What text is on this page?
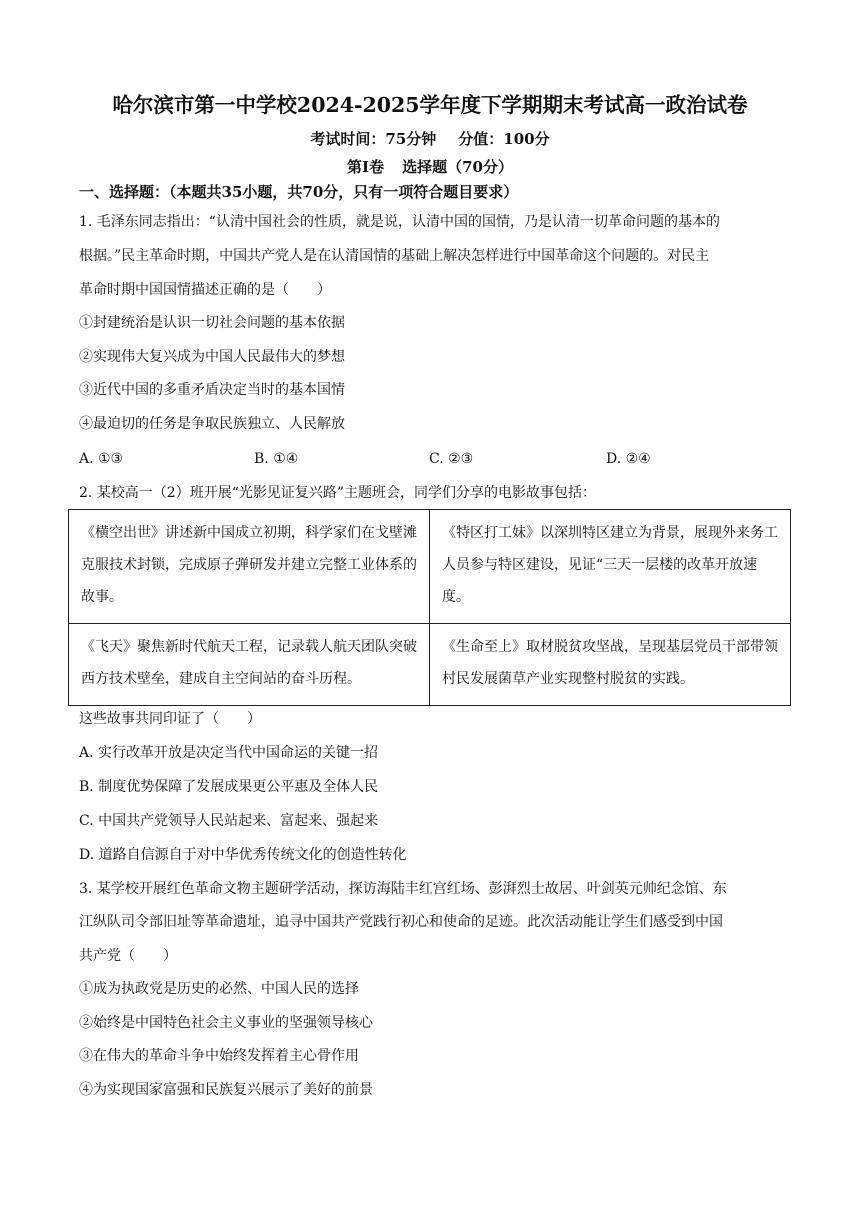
哈尔滨市第一中学校2024-2025学年度下学期期末考试高一政治试卷
考试时间：75分钟 分值：100分
第Ⅰ卷 选择题（70分）
一、选择题：（本题共35小题，共70分，只有一项符合题目要求）
1. 毛泽东同志指出：“认清中国社会的性质，就是说，认清中国的国情，乃是认清一切革命问题的基本的
根据。”民主革命时期，中国共产党人是在认清国情的基础上解决怎样进行中国革命这个问题的。对民主
革命时期中国国情描述正确的是（　　）
①封建统治是认识一切社会问题的基本依据
②实现伟大复兴成为中国人民最伟大的梦想
③近代中国的多重矛盾决定当时的基本国情
④最迫切的任务是争取民族独立、人民解放
A. ①③	B. ①④	C. ②③	D. ②④
2. 某校高一（2）班开展“光影见证复兴路”主题班会，同学们分享的电影故事包括：
《横空出世》讲述新中国成立初期，科学家们在戈壁滩克服技术封锁，完成原子弹研发并建立完整工业体系的故事。	《特区打工妹》以深圳特区建立为背景，展现外来务工人员参与特区建设，见证“三天一层楼的改革开放速度。
《飞天》聚焦新时代航天工程，记录载人航天团队突破西方技术壁垒，建成自主空间站的奋斗历程。	《生命至上》取材脱贫攻坚战，呈现基层党员干部带领村民发展菌草产业实现整村脱贫的实践。
这些故事共同印证了（　　）
A. 实行改革开放是决定当代中国命运的关键一招
B. 制度优势保障了发展成果更公平惠及全体人民
C. 中国共产党领导人民站起来、富起来、强起来
D. 道路自信源自于对中华优秀传统文化的创造性转化
3. 某学校开展红色革命文物主题研学活动，探访海陆丰红宫红场、彭湃烈士故居、叶剑英元帅纪念馆、东
江纵队司令部旧址等革命遗址，追寻中国共产党践行初心和使命的足迹。此次活动能让学生们感受到中国
共产党（　　）
①成为执政党是历史的必然、中国人民的选择
②始终是中国特色社会主义事业的坚强领导核心
③在伟大的革命斗争中始终发挥着主心骨作用
④为实现国家富强和民族复兴展示了美好的前景
